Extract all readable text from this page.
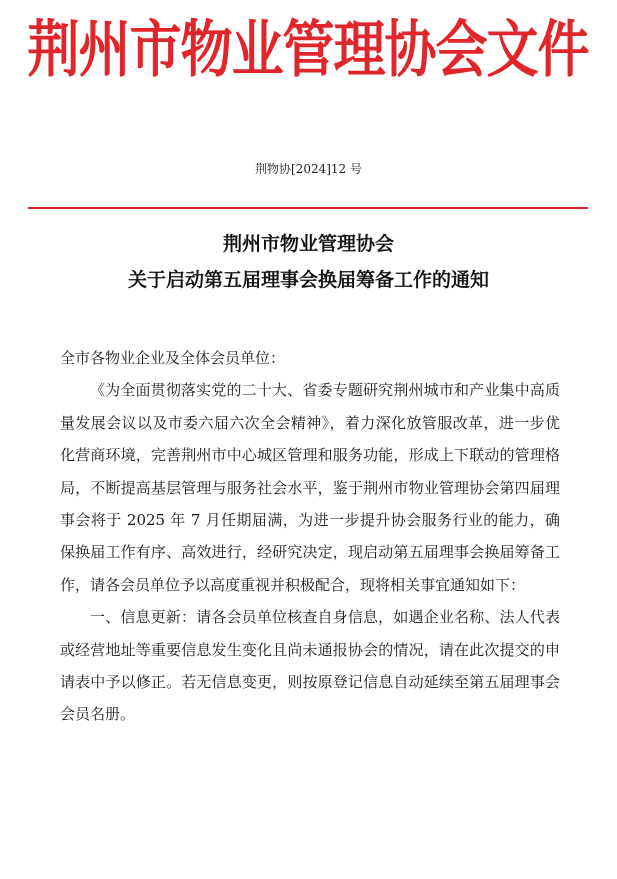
荆州市物业管理协会文件
荆物协[2024]12 号
荆州市物业管理协会
关于启动第五届理事会换届筹备工作的通知

全市各物业企业及全体会员单位：

《为全面贯彻落实党的二十大、省委专题研究荆州城市和产业集中高质量发展会议以及市委六届六次全会精神》，着力深化放管服改革，进一步优化营商环境，完善荆州市中心城区管理和服务功能，形成上下联动的管理格局，不断提高基层管理与服务社会水平，鉴于荆州市物业管理协会第四届理事会将于 2025 年 7 月任期届满，为进一步提升协会服务行业的能力，确保换届工作有序、高效进行，经研究决定，现启动第五届理事会换届筹备工作，请各会员单位予以高度重视并积极配合，现将相关事宜通知如下：

一、信息更新：请各会员单位核查自身信息，如遇企业名称、法人代表或经营地址等重要信息发生变化且尚未通报协会的情况，请在此次提交的申请表中予以修正。若无信息变更，则按原登记信息自动延续至第五届理事会会员名册。
